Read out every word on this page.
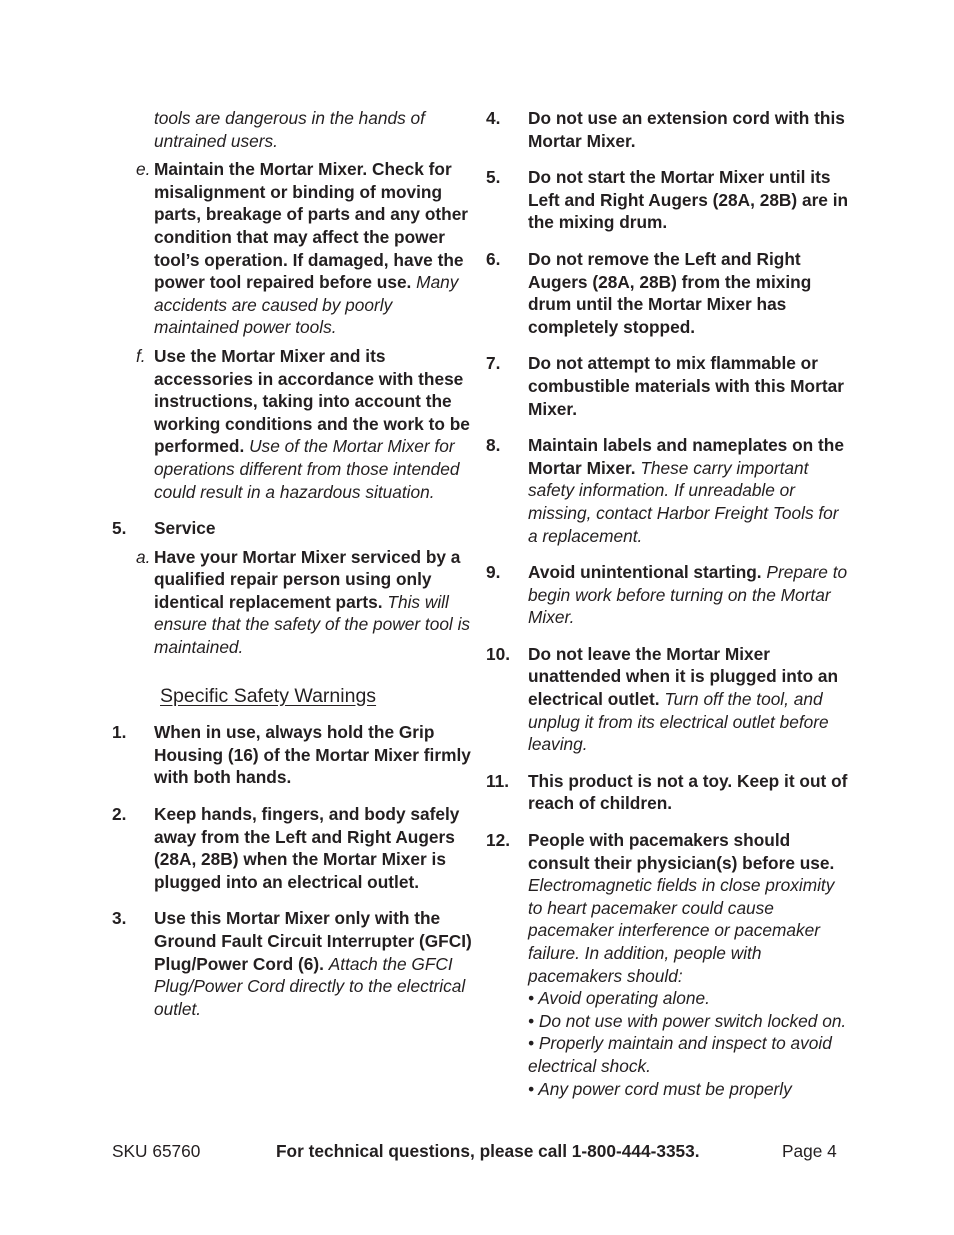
tools are dangerous in the hands of untrained users.
e. Maintain the Mortar Mixer. Check for misalignment or binding of moving parts, breakage of parts and any other condition that may affect the power tool’s operation. If damaged, have the power tool repaired before use. Many accidents are caused by poorly maintained power tools.
f. Use the Mortar Mixer and its accessories in accordance with these instructions, taking into account the working conditions and the work to be performed. Use of the Mortar Mixer for operations different from those intended could result in a hazardous situation.
5. Service
a. Have your Mortar Mixer serviced by a qualified repair person using only identical replacement parts. This will ensure that the safety of the power tool is maintained.
Specific Safety Warnings
1. When in use, always hold the Grip Housing (16) of the Mortar Mixer firmly with both hands.
2. Keep hands, fingers, and body safely away from the Left and Right Augers (28A, 28B) when the Mortar Mixer is plugged into an electrical outlet.
3. Use this Mortar Mixer only with the Ground Fault Circuit Interrupter (GFCI) Plug/Power Cord (6). Attach the GFCI Plug/Power Cord directly to the electrical outlet.
4. Do not use an extension cord with this Mortar Mixer.
5. Do not start the Mortar Mixer until its Left and Right Augers (28A, 28B) are in the mixing drum.
6. Do not remove the Left and Right Augers (28A, 28B) from the mixing drum until the Mortar Mixer has completely stopped.
7. Do not attempt to mix flammable or combustible materials with this Mortar Mixer.
8. Maintain labels and nameplates on the Mortar Mixer. These carry important safety information. If unreadable or missing, contact Harbor Freight Tools for a replacement.
9. Avoid unintentional starting. Prepare to begin work before turning on the Mortar Mixer.
10. Do not leave the Mortar Mixer unattended when it is plugged into an electrical outlet. Turn off the tool, and unplug it from its electrical outlet before leaving.
11. This product is not a toy. Keep it out of reach of children.
12. People with pacemakers should consult their physician(s) before use. Electromagnetic fields in close proximity to heart pacemaker could cause pacemaker interference or pacemaker failure. In addition, people with pacemakers should:
• Avoid operating alone.
• Do not use with power switch locked on.
• Properly maintain and inspect to avoid electrical shock.
• Any power cord must be properly
SKU 65760	For technical questions, please call 1-800-444-3353.	Page 4
